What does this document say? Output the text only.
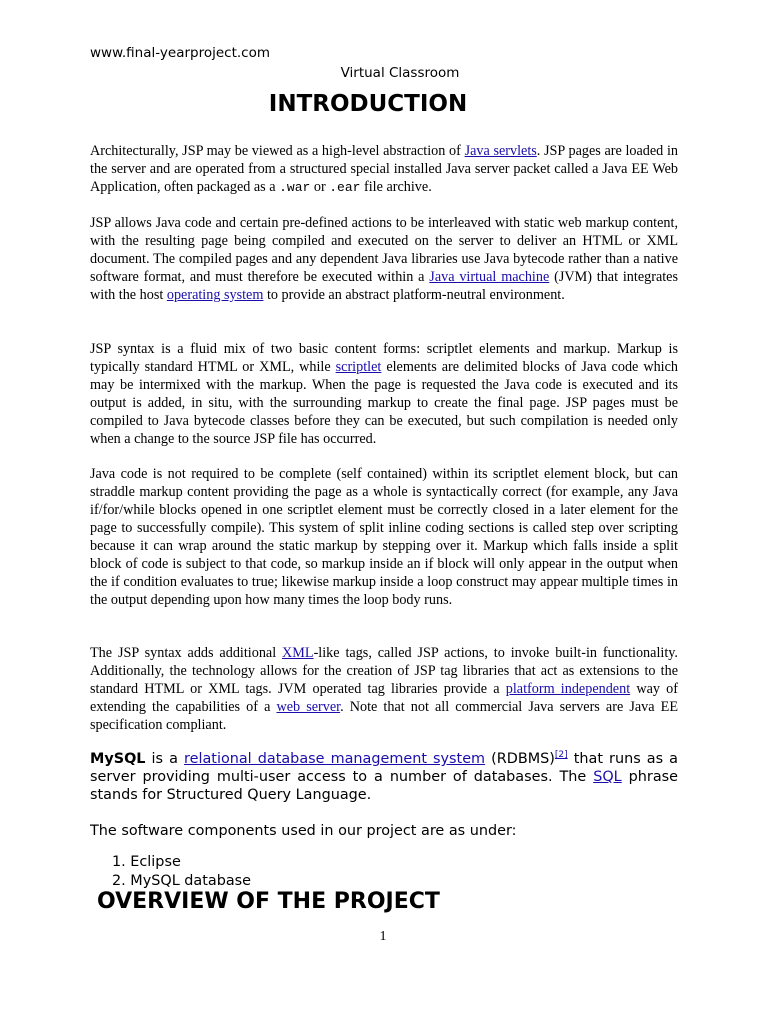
www.final-yearproject.com
Virtual Classroom
INTRODUCTION
Architecturally, JSP may be viewed as a high-level abstraction of Java servlets. JSP pages are loaded in the server and are operated from a structured special installed Java server packet called a Java EE Web Application, often packaged as a .war or .ear file archive.
JSP allows Java code and certain pre-defined actions to be interleaved with static web markup content, with the resulting page being compiled and executed on the server to deliver an HTML or XML document. The compiled pages and any dependent Java libraries use Java bytecode rather than a native software format, and must therefore be executed within a Java virtual machine (JVM) that integrates with the host operating system to provide an abstract platform-neutral environment.
JSP syntax is a fluid mix of two basic content forms: scriptlet elements and markup. Markup is typically standard HTML or XML, while scriptlet elements are delimited blocks of Java code which may be intermixed with the markup. When the page is requested the Java code is executed and its output is added, in situ, with the surrounding markup to create the final page. JSP pages must be compiled to Java bytecode classes before they can be executed, but such compilation is needed only when a change to the source JSP file has occurred.
Java code is not required to be complete (self contained) within its scriptlet element block, but can straddle markup content providing the page as a whole is syntactically correct (for example, any Java if/for/while blocks opened in one scriptlet element must be correctly closed in a later element for the page to successfully compile). This system of split inline coding sections is called step over scripting because it can wrap around the static markup by stepping over it. Markup which falls inside a split block of code is subject to that code, so markup inside an if block will only appear in the output when the if condition evaluates to true; likewise markup inside a loop construct may appear multiple times in the output depending upon how many times the loop body runs.
The JSP syntax adds additional XML-like tags, called JSP actions, to invoke built-in functionality. Additionally, the technology allows for the creation of JSP tag libraries that act as extensions to the standard HTML or XML tags. JVM operated tag libraries provide a platform independent way of extending the capabilities of a web server. Note that not all commercial Java servers are Java EE specification compliant.
MySQL is a relational database management system (RDBMS)[2] that runs as a server providing multi-user access to a number of databases. The SQL phrase stands for Structured Query Language.
The software components used in our project are as under:
1. Eclipse
2. MySQL database
OVERVIEW OF THE PROJECT
1
